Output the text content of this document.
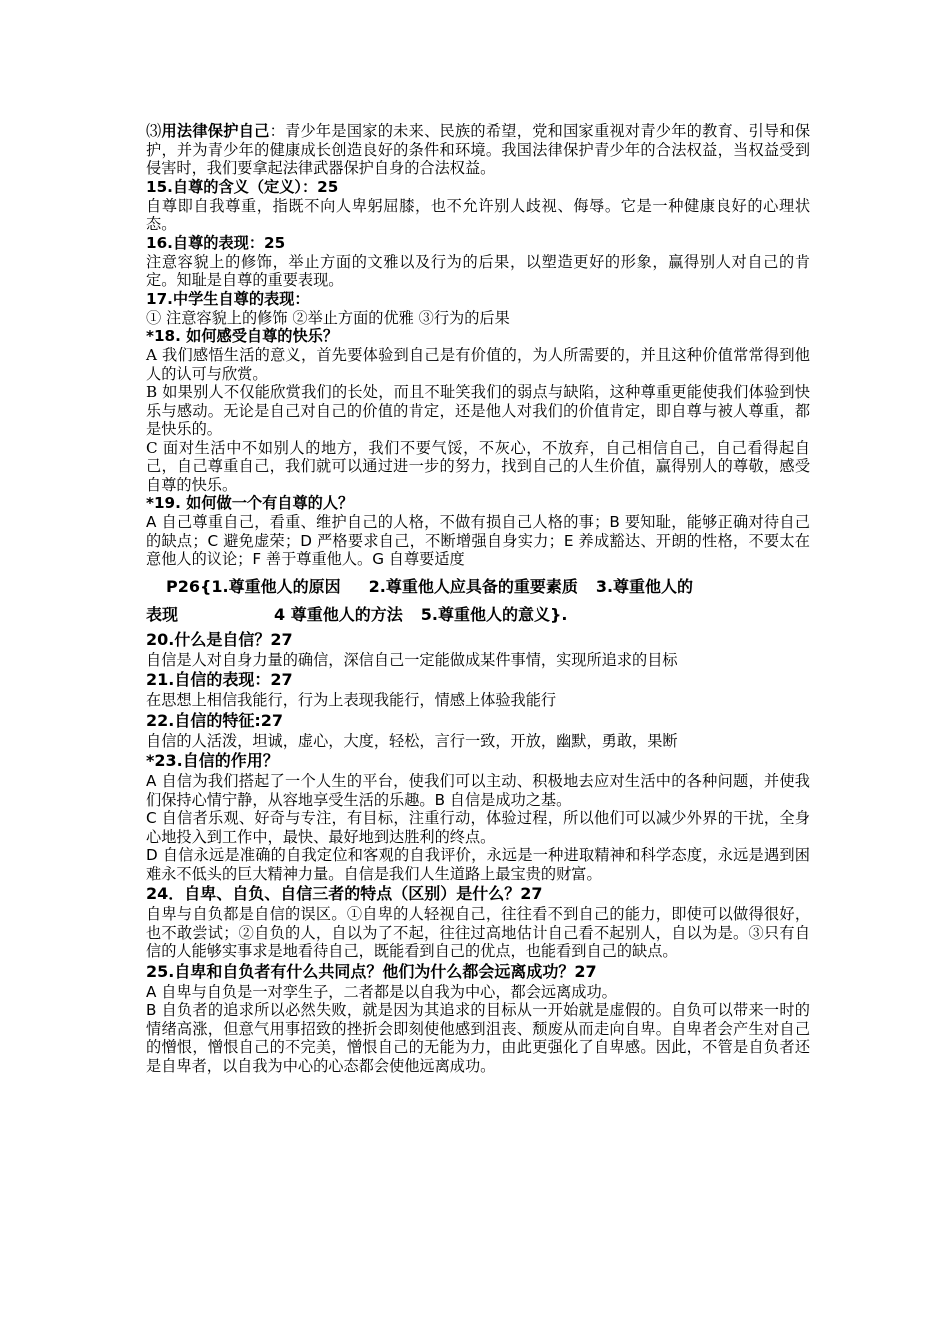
⑶用法律保护自己：青少年是国家的未来、民族的希望，党和国家重视对青少年的教育、引导和保护，并为青少年的健康成长创造良好的条件和环境。我国法律保护青少年的合法权益，当权益受到侵害时，我们要拿起法律武器保护自身的合法权益。

15.自尊的含义（定义）：25

自尊即自我尊重，指既不向人卑躬屈膝，也不允许别人歧视、侮辱。它是一种健康良好的心理状态。

16.自尊的表现：25

注意容貌上的修饰，举止方面的文雅以及行为的后果，以塑造更好的形象，赢得别人对自己的肯定。知耻是自尊的重要表现。

17.中学生自尊的表现：

① 注意容貌上的修饰 ②举止方面的优雅 ③行为的后果

*18. 如何感受自尊的快乐？

A 我们感悟生活的意义，首先要体验到自己是有价值的，为人所需要的，并且这种价值常常得到他人的认可与欣赏。

B 如果别人不仅能欣赏我们的长处，而且不耻笑我们的弱点与缺陷，这种尊重更能使我们体验到快乐与感动。无论是自己对自己的价值的肯定，还是他人对我们的价值肯定，即自尊与被人尊重，都是快乐的。

C 面对生活中不如别人的地方，我们不要气馁，不灰心，不放弃，自己相信自己，自己看得起自己，自己尊重自己，我们就可以通过进一步的努力，找到自己的人生价值，赢得别人的尊敬，感受自尊的快乐。

*19. 如何做一个有自尊的人？

A 自己尊重自己，看重、维护自己的人格，不做有损自己人格的事；B 要知耻，能够正确对待自己的缺点；C 避免虚荣；D 严格要求自己，不断增强自身实力；E 养成豁达、开朗的性格，不要太在意他人的议论；F 善于尊重他人。G 自尊要适度

P26{1.尊重他人的原因 2.尊重他人应具备的重要素质 3.尊重他人的
表现	4 尊重他人的方法 5.尊重他人的意义}.

20.什么是自信？27

自信是人对自身力量的确信，深信自己一定能做成某件事情，实现所追求的目标

21.自信的表现：27

在思想上相信我能行，行为上表现我能行，情感上体验我能行

22.自信的特征:27

自信的人活泼，坦诚，虚心，大度，轻松，言行一致，开放，幽默，勇敢，果断

*23.自信的作用？

A 自信为我们搭起了一个人生的平台，使我们可以主动、积极地去应对生活中的各种问题，并使我们保持心情宁静，从容地享受生活的乐趣。B 自信是成功之基。

C 自信者乐观、好奇与专注，有目标，注重行动，体验过程，所以他们可以减少外界的干扰，全身心地投入到工作中，最快、最好地到达胜利的终点。

D 自信永远是准确的自我定位和客观的自我评价，永远是一种进取精神和科学态度，永远是遇到困难永不低头的巨大精神力量。自信是我们人生道路上最宝贵的财富。

24．自卑、自负、自信三者的特点（区别）是什么？27

自卑与自负都是自信的误区。①自卑的人轻视自己，往往看不到自己的能力，即使可以做得很好，也不敢尝试；②自负的人，自以为了不起，往往过高地估计自己看不起别人，自以为是。③只有自信的人能够实事求是地看待自己，既能看到自己的优点，也能看到自己的缺点。

25.自卑和自负者有什么共同点？他们为什么都会远离成功？27

A 自卑与自负是一对孪生子，二者都是以自我为中心，都会远离成功。

B 自负者的追求所以必然失败，就是因为其追求的目标从一开始就是虚假的。自负可以带来一时的情绪高涨，但意气用事招致的挫折会即刻使他感到沮丧、颓废从而走向自卑。自卑者会产生对自己的憎恨，憎恨自己的不完美，憎恨自己的无能为力，由此更强化了自卑感。因此，不管是自负者还是自卑者，以自我为中心的心态都会使他远离成功。
